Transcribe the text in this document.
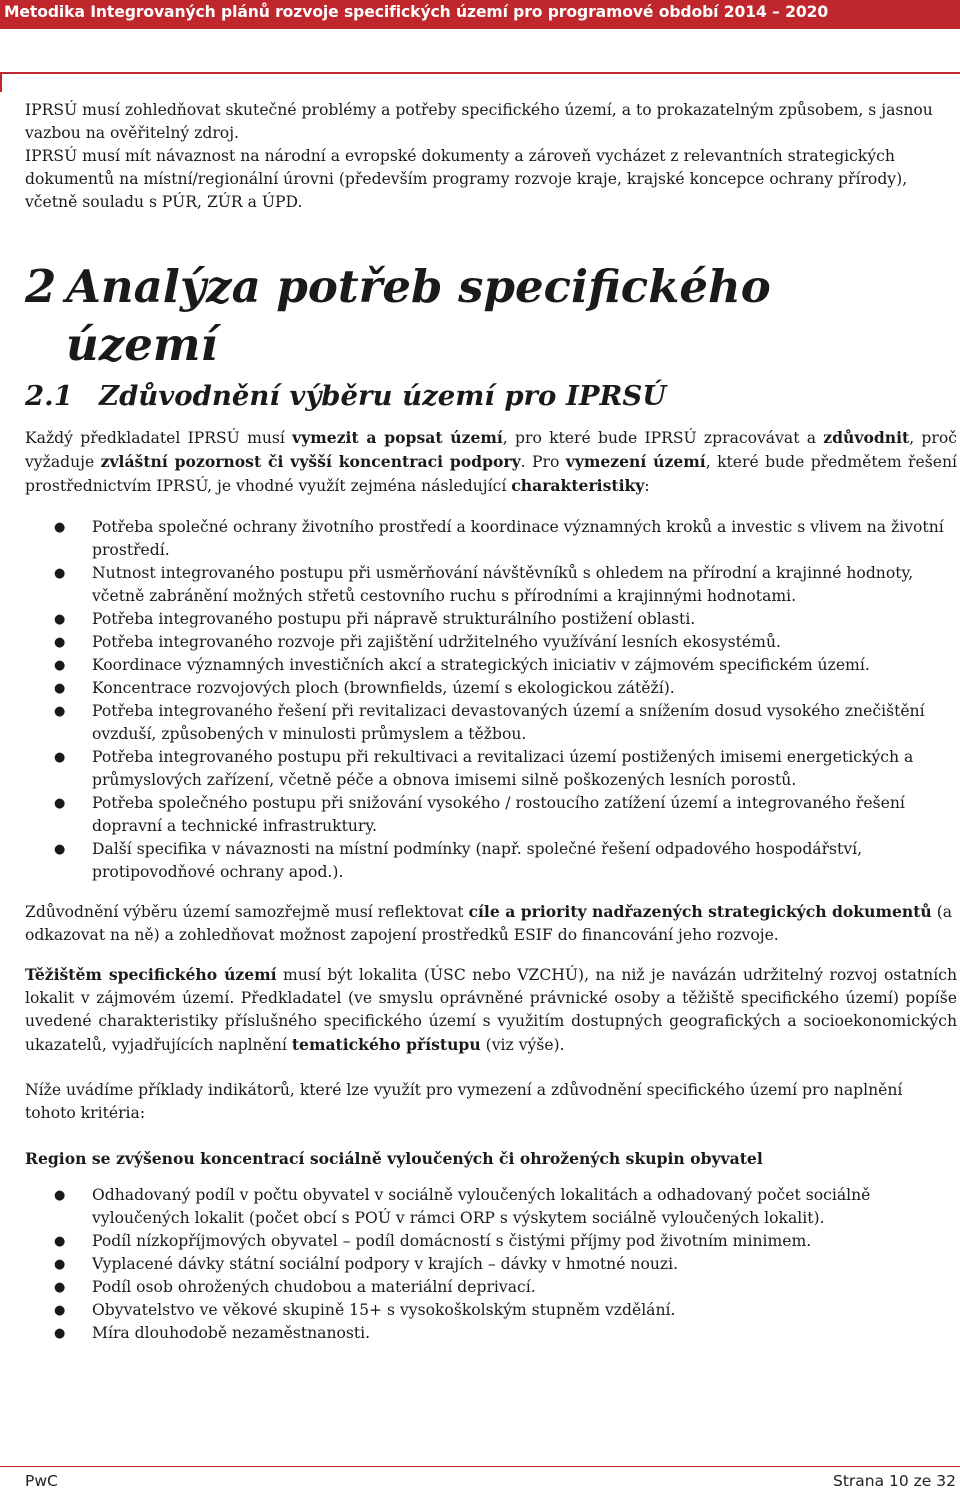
Metodika Integrovaných plánů rozvoje specifických území pro programové období 2014 – 2020

IPRSÚ musí zohledňovat skutečné problémy a potřeby specifického území, a to prokazatelným způsobem, s jasnou vazbou na ověřitelný zdroj.

IPRSÚ musí mít návaznost na národní a evropské dokumenty a zároveň vycházet z relevantních strategických dokumentů na místní/regionální úrovni (především programy rozvoje kraje, krajské koncepce ochrany přírody), včetně souladu s PÚR, ZÚR a ÚPD.

2 Analýza potřeb specifického
území
2.1 Zdůvodnění výběru území pro IPRSÚ

Každý předkladatel IPRSÚ musí vymezit a popsat území, pro které bude IPRSÚ zpracovávat a zdůvodnit, proč vyžaduje zvláštní pozornost či vyšší koncentraci podpory. Pro vymezení území, které bude předmětem řešení prostřednictvím IPRSÚ, je vhodné využít zejména následující charakteristiky:

● Potřeba společné ochrany životního prostředí a koordinace významných kroků a investic s vlivem na životní prostředí.
● Nutnost integrovaného postupu při usměrňování návštěvníků s ohledem na přírodní a krajinné hodnoty, včetně zabránění možných střetů cestovního ruchu s přírodními a krajinnými hodnotami.
● Potřeba integrovaného postupu při nápravě strukturálního postižení oblasti.
● Potřeba integrovaného rozvoje při zajištění udržitelného využívání lesních ekosystémů.
● Koordinace významných investičních akcí a strategických iniciativ v zájmovém specifickém území.
● Koncentrace rozvojových ploch (brownfields, území s ekologickou zátěží).
● Potřeba integrovaného řešení při revitalizaci devastovaných území a snížením dosud vysokého znečištění ovzduší, způsobených v minulosti průmyslem a těžbou.
● Potřeba integrovaného postupu při rekultivaci a revitalizaci území postižených imisemi energetických a průmyslových zařízení, včetně péče a obnova imisemi silně poškozených lesních porostů.
● Potřeba společného postupu při snižování vysokého / rostoucího zatížení území a integrovaného řešení dopravní a technické infrastruktury.
● Další specifika v návaznosti na místní podmínky (např. společné řešení odpadového hospodářství, protipovodňové ochrany apod.).

Zdůvodnění výběru území samozřejmě musí reflektovat cíle a priority nadřazených strategických dokumentů (a odkazovat na ně) a zohledňovat možnost zapojení prostředků ESIF do financování jeho rozvoje.

Těžištěm specifického území musí být lokalita (ÚSC nebo VZCHÚ), na niž je navázán udržitelný rozvoj ostatních lokalit v zájmovém území. Předkladatel (ve smyslu oprávněné právnické osoby a těžiště specifického území) popíše uvedené charakteristiky příslušného specifického území s využitím dostupných geografických a socioekonomických ukazatelů, vyjadřujících naplnění tematického přístupu (viz výše).

Níže uvádíme příklady indikátorů, které lze využít pro vymezení a zdůvodnění specifického území pro naplnění tohoto kritéria:

Region se zvýšenou koncentrací sociálně vyloučených či ohrožených skupin obyvatel

● Odhadovaný podíl v počtu obyvatel v sociálně vyloučených lokalitách a odhadovaný počet sociálně vyloučených lokalit (počet obcí s POÚ v rámci ORP s výskytem sociálně vyloučených lokalit).
● Podíl nízkopříjmových obyvatel – podíl domácností s čistými příjmy pod životním minimem.
● Vyplacené dávky státní sociální podpory v krajích – dávky v hmotné nouzi.
● Podíl osob ohrožených chudobou a materiální deprivací.
● Obyvatelstvo ve věkové skupině 15+ s vysokoškolským stupněm vzdělání.
● Míra dlouhodobě nezaměstnanosti.
PwC	Strana 10 ze 32
